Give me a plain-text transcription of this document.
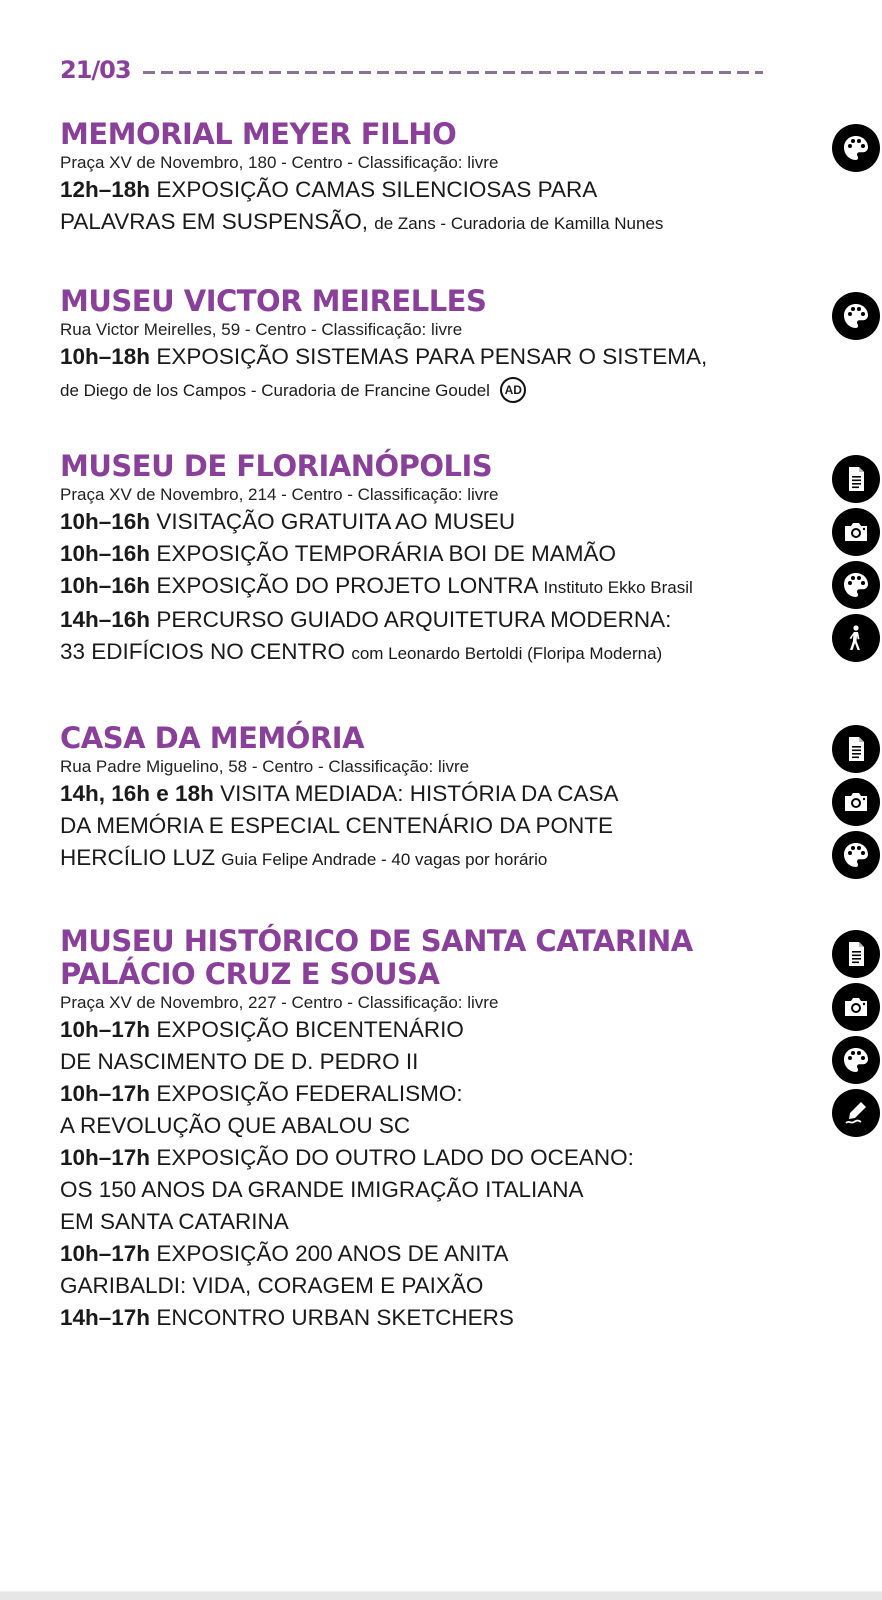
21/03
MEMORIAL MEYER FILHO
Praça XV de Novembro, 180 - Centro - Classificação: livre
12h–18h EXPOSIÇÃO CAMAS SILENCIOSAS PARA
PALAVRAS EM SUSPENSÃO, de Zans - Curadoria de Kamilla Nunes
MUSEU VICTOR MEIRELLES
Rua Victor Meirelles, 59 - Centro - Classificação: livre
10h–18h EXPOSIÇÃO SISTEMAS PARA PENSAR O SISTEMA,
de Diego de los Campos - Curadoria de Francine Goudel AD
MUSEU DE FLORIANÓPOLIS
Praça XV de Novembro, 214 - Centro - Classificação: livre
10h–16h VISITAÇÃO GRATUITA AO MUSEU
10h–16h EXPOSIÇÃO TEMPORÁRIA BOI DE MAMÃO
10h–16h EXPOSIÇÃO DO PROJETO LONTRA Instituto Ekko Brasil
14h–16h PERCURSO GUIADO ARQUITETURA MODERNA:
33 EDIFÍCIOS NO CENTRO com Leonardo Bertoldi (Floripa Moderna)
CASA DA MEMÓRIA
Rua Padre Miguelino, 58 - Centro - Classificação: livre
14h, 16h e 18h VISITA MEDIADA: HISTÓRIA DA CASA
DA MEMÓRIA E ESPECIAL CENTENÁRIO DA PONTE
HERCÍLIO LUZ Guia Felipe Andrade - 40 vagas por horário
MUSEU HISTÓRICO DE SANTA CATARINA
PALÁCIO CRUZ E SOUSA
Praça XV de Novembro, 227 - Centro - Classificação: livre
10h–17h EXPOSIÇÃO BICENTENÁRIO
DE NASCIMENTO DE D. PEDRO II
10h–17h EXPOSIÇÃO FEDERALISMO:
A REVOLUÇÃO QUE ABALOU SC
10h–17h EXPOSIÇÃO DO OUTRO LADO DO OCEANO:
OS 150 ANOS DA GRANDE IMIGRAÇÃO ITALIANA
EM SANTA CATARINA
10h–17h EXPOSIÇÃO 200 ANOS DE ANITA
GARIBALDI: VIDA, CORAGEM E PAIXÃO
14h–17h ENCONTRO URBAN SKETCHERS
